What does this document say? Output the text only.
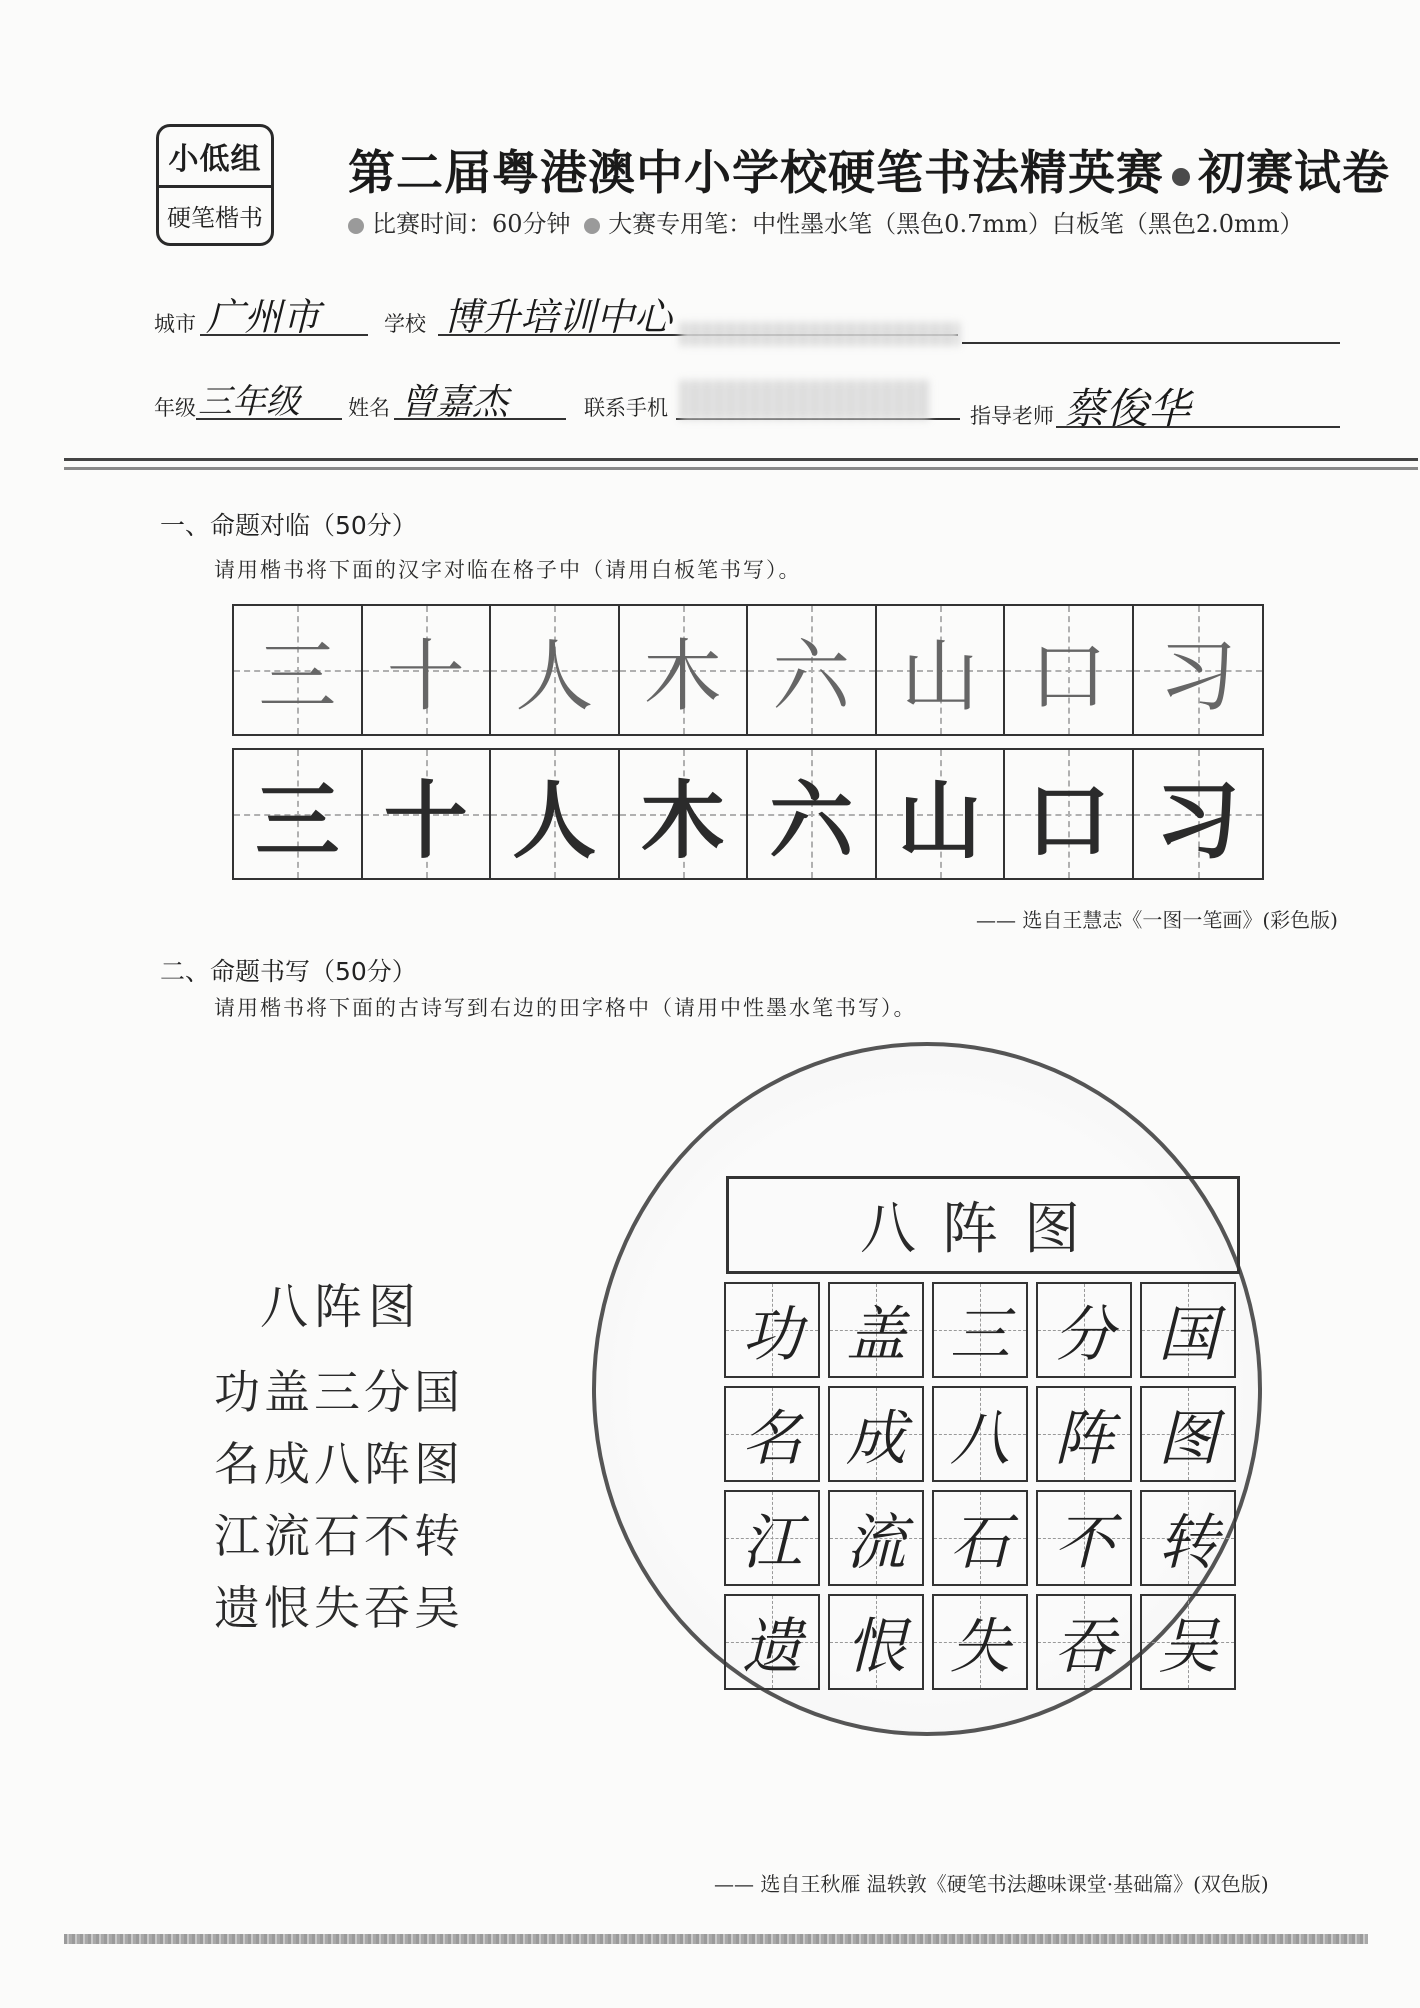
小低组
硬笔楷书
第二届粤港澳中小学校硬笔书法精英赛 初赛试卷
比赛时间：60分钟 大赛专用笔：中性墨水笔（黑色0.7mm）白板笔（黑色2.0mm）
城市 广州市	学校 博升培训中心
年级 三年级 姓名 曾嘉杰	联系手机	指导老师 蔡俊华
一、命题对临（50分）
请用楷书将下面的汉字对临在格子中（请用白板笔书写）。
三 十 人 木 六 山 口 习
三 十 人 木 六 山 口 习
—— 选自王慧志《一图一笔画》(彩色版)
二、命题书写（50分）
请用楷书将下面的古诗写到右边的田字格中（请用中性墨水笔书写）。
八阵图
功盖三分国
名成八阵图
江流石不转
遗恨失吞吴
八阵图
功 盖 三 分 国
名 成 八 阵 图
江 流 石 不 转
遗 恨 失 吞 吴
—— 选自王秋雁 温轶敦《硬笔书法趣味课堂·基础篇》(双色版)
